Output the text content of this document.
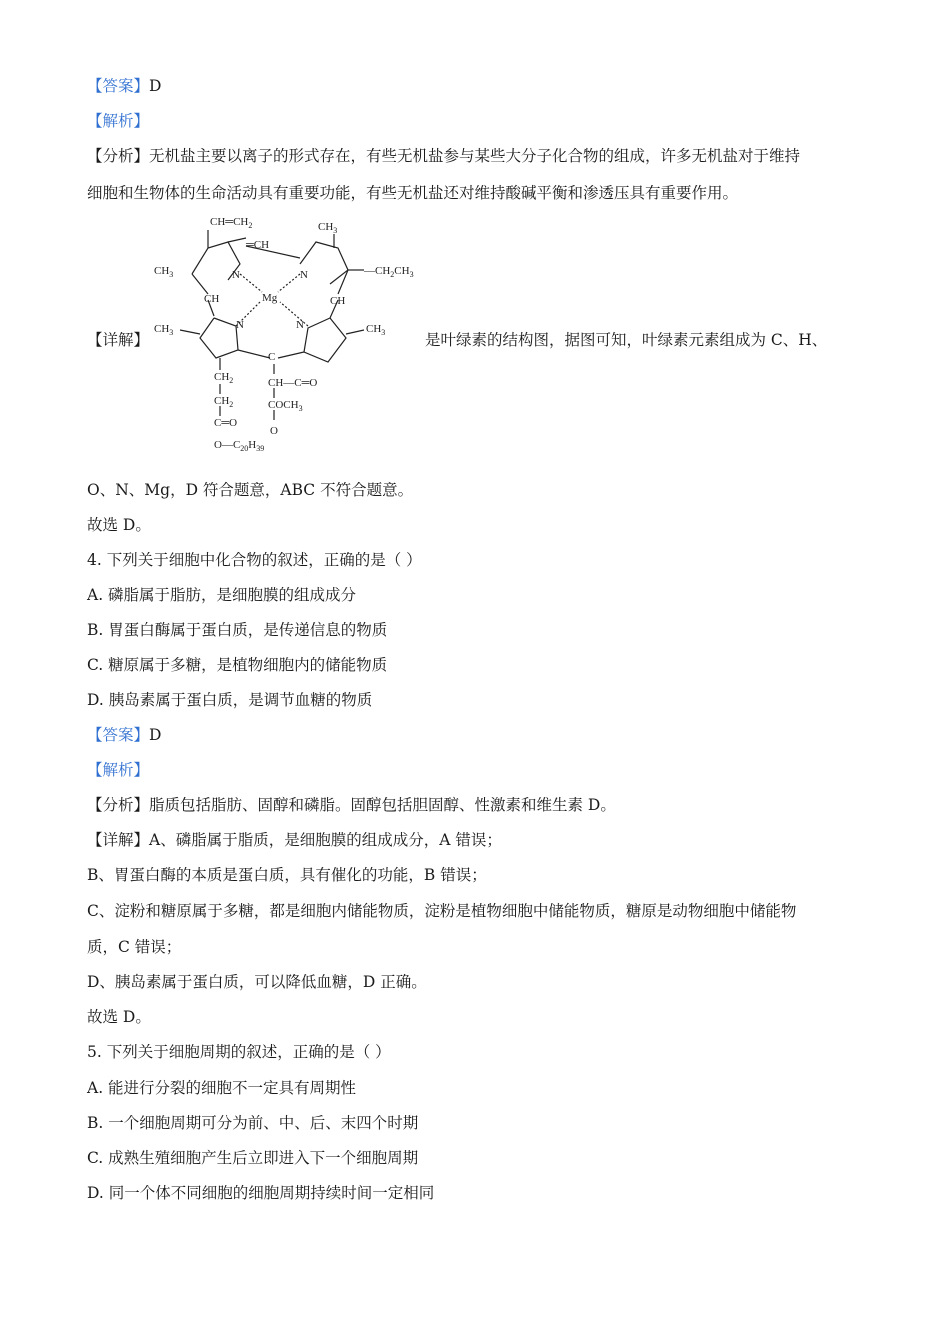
【答案】D
【解析】
【分析】无机盐主要以离子的形式存在，有些无机盐参与某些大分子化合物的组成，许多无机盐对于维持
细胞和生物体的生命活动具有重要功能，有些无机盐还对维持酸碱平衡和渗透压具有重要作用。
【详解】
$CH═CH_2$	$CH_3$
═CH
$CH_3$	N	N	$—CH_2CH_3$
CH	Mg	CH
$CH_3$
N	N	$CH_3$
C
$CH_2$
$CH_2$
C═O
$O—C_{20}H_{39}$
CH—C═O
$COCH_3$
O
是叶绿素的结构图，据图可知，叶绿素元素组成为 C、H、
O、N、Mg，D 符合题意，ABC 不符合题意。
故选 D。
4. 下列关于细胞中化合物的叙述，正确的是（ ）
A. 磷脂属于脂肪，是细胞膜的组成成分
B. 胃蛋白酶属于蛋白质，是传递信息的物质
C. 糖原属于多糖，是植物细胞内的储能物质
D. 胰岛素属于蛋白质，是调节血糖的物质
【答案】D
【解析】
【分析】脂质包括脂肪、固醇和磷脂。固醇包括胆固醇、性激素和维生素 D。
【详解】A、磷脂属于脂质，是细胞膜的组成成分，A 错误；
B、胃蛋白酶的本质是蛋白质，具有催化的功能，B 错误；
C、淀粉和糖原属于多糖，都是细胞内储能物质，淀粉是植物细胞中储能物质，糖原是动物细胞中储能物
质，C 错误；
D、胰岛素属于蛋白质，可以降低血糖，D 正确。
故选 D。
5. 下列关于细胞周期的叙述，正确的是（ ）
A. 能进行分裂的细胞不一定具有周期性
B. 一个细胞周期可分为前、中、后、末四个时期
C. 成熟生殖细胞产生后立即进入下一个细胞周期
D. 同一个体不同细胞的细胞周期持续时间一定相同
